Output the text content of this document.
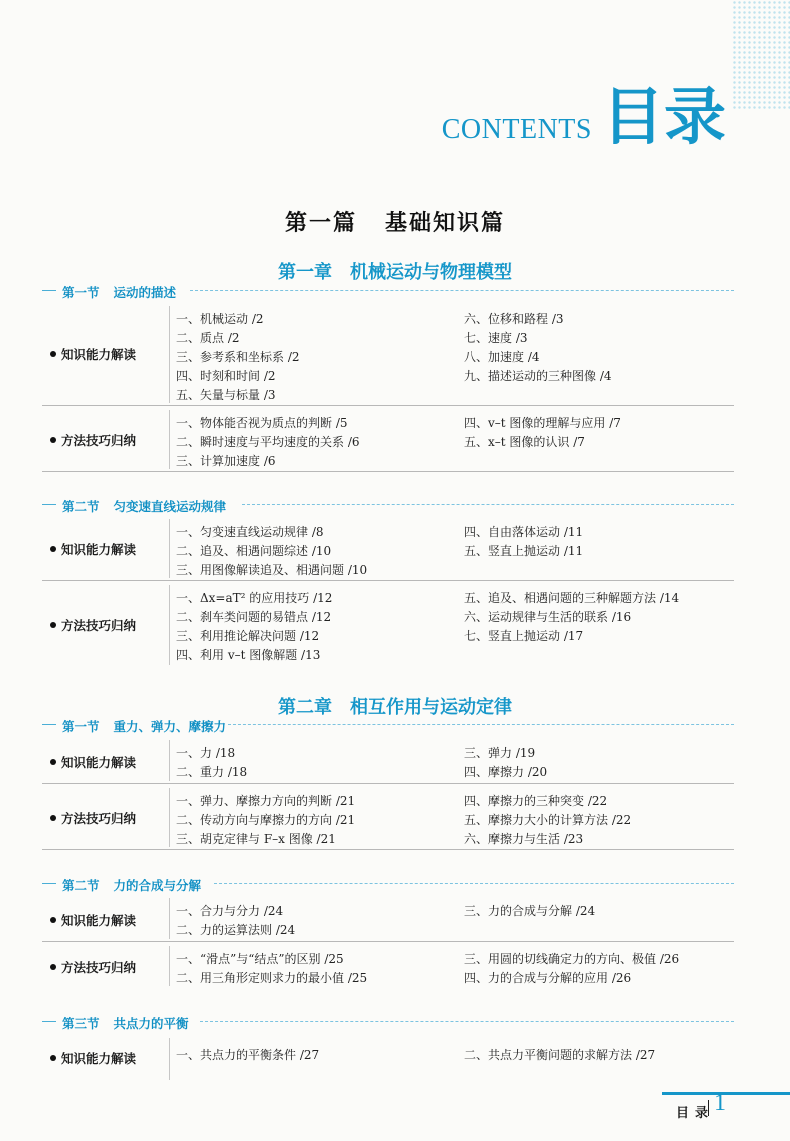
CONTENTS 目录
第一篇 基础知识篇
第一章 机械运动与物理模型
第一节 运动的描述
知识能力解读
一、机械运动 /2
二、质点 /2
三、参考系和坐标系 /2
四、时刻和时间 /2
五、矢量与标量 /3
六、位移和路程 /3
七、速度 /3
八、加速度 /4
九、描述运动的三种图像 /4
方法技巧归纳
一、物体能否视为质点的判断 /5
二、瞬时速度与平均速度的关系 /6
三、计算加速度 /6
四、v–t 图像的理解与应用 /7
五、x–t 图像的认识 /7
第二节 匀变速直线运动规律
知识能力解读
一、匀变速直线运动规律 /8
二、追及、相遇问题综述 /10
三、用图像解读追及、相遇问题 /10
四、自由落体运动 /11
五、竖直上抛运动 /11
方法技巧归纳
一、Δx=aT² 的应用技巧 /12
二、刹车类问题的易错点 /12
三、利用推论解决问题 /12
四、利用 v–t 图像解题 /13
五、追及、相遇问题的三种解题方法 /14
六、运动规律与生活的联系 /16
七、竖直上抛运动 /17
第二章 相互作用与运动定律
第一节 重力、弹力、摩擦力
知识能力解读
一、力 /18
二、重力 /18
三、弹力 /19
四、摩擦力 /20
方法技巧归纳
一、弹力、摩擦力方向的判断 /21
二、传动方向与摩擦力的方向 /21
三、胡克定律与 F–x 图像 /21
四、摩擦力的三种突变 /22
五、摩擦力大小的计算方法 /22
六、摩擦力与生活 /23
第二节 力的合成与分解
知识能力解读
一、合力与分力 /24
二、力的运算法则 /24
三、力的合成与分解 /24
方法技巧归纳
一、“滑点”与“结点”的区别 /25
二、用三角形定则求力的最小值 /25
三、用圆的切线确定力的方向、极值 /26
四、力的合成与分解的应用 /26
第三节 共点力的平衡
知识能力解读	一、共点力的平衡条件 /27	二、共点力平衡问题的求解方法 /27
目录 1
